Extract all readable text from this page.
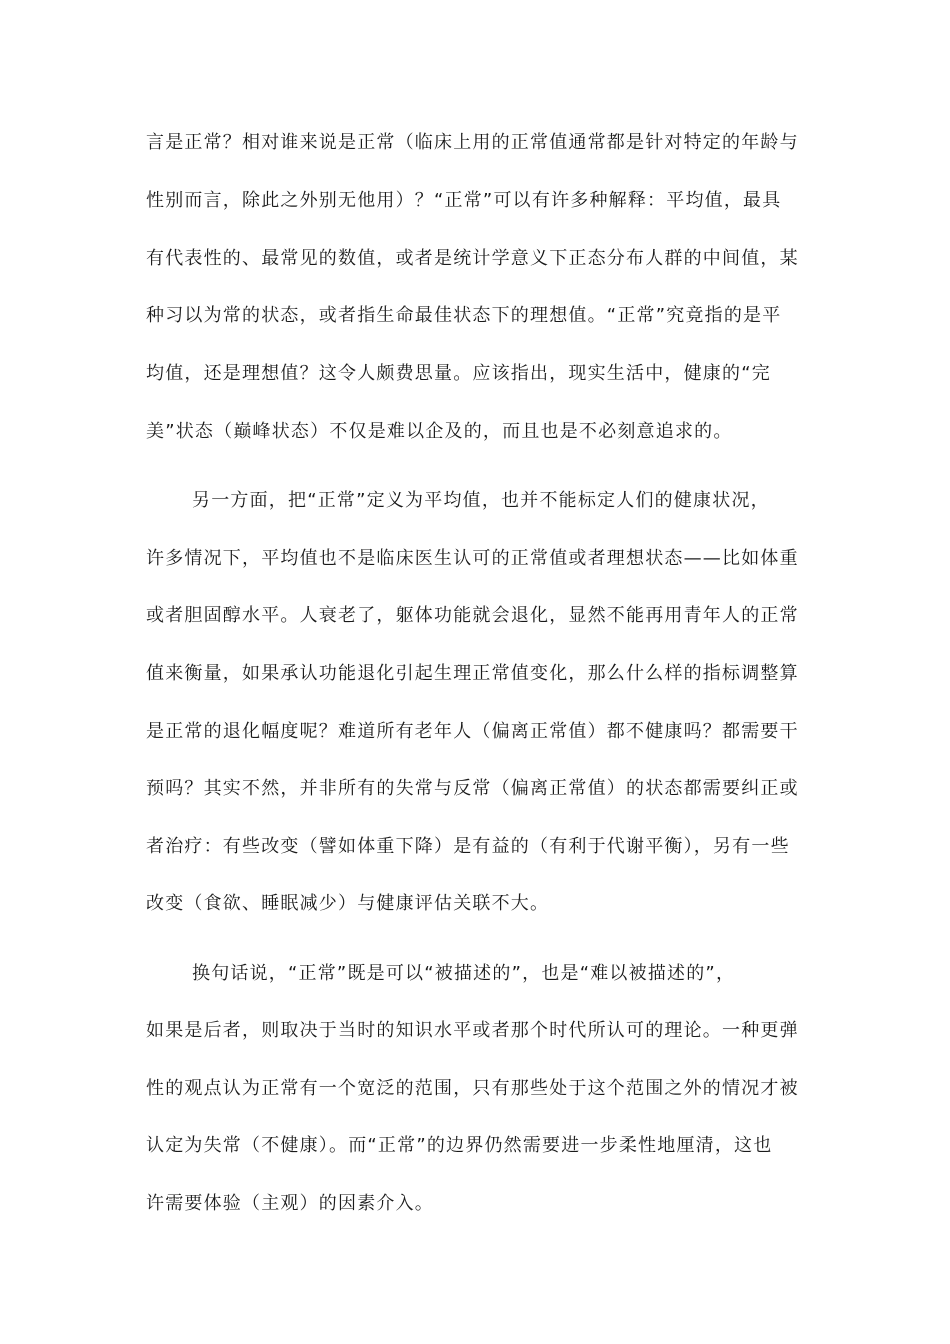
言是正常？相对谁来说是正常（临床上用的正常值通常都是针对特定的年龄与
性别而言，除此之外别无他用）？“正常”可以有许多种解释：平均值，最具
有代表性的、最常见的数值，或者是统计学意义下正态分布人群的中间值，某
种习以为常的状态，或者指生命最佳状态下的理想值。“正常”究竟指的是平
均值，还是理想值？这令人颇费思量。应该指出，现实生活中，健康的“完
美”状态（巅峰状态）不仅是难以企及的，而且也是不必刻意追求的。
另一方面，把“正常”定义为平均值，也并不能标定人们的健康状况，
许多情况下，平均值也不是临床医生认可的正常值或者理想状态——比如体重
或者胆固醇水平。人衰老了，躯体功能就会退化，显然不能再用青年人的正常
值来衡量，如果承认功能退化引起生理正常值变化，那么什么样的指标调整算
是正常的退化幅度呢？难道所有老年人（偏离正常值）都不健康吗？都需要干
预吗？其实不然，并非所有的失常与反常（偏离正常值）的状态都需要纠正或
者治疗：有些改变（譬如体重下降）是有益的（有利于代谢平衡），另有一些
改变（食欲、睡眠减少）与健康评估关联不大。
换句话说，“正常”既是可以“被描述的”，也是“难以被描述的”，
如果是后者，则取决于当时的知识水平或者那个时代所认可的理论。一种更弹
性的观点认为正常有一个宽泛的范围，只有那些处于这个范围之外的情况才被
认定为失常（不健康）。而“正常”的边界仍然需要进一步柔性地厘清，这也
许需要体验（主观）的因素介入。
